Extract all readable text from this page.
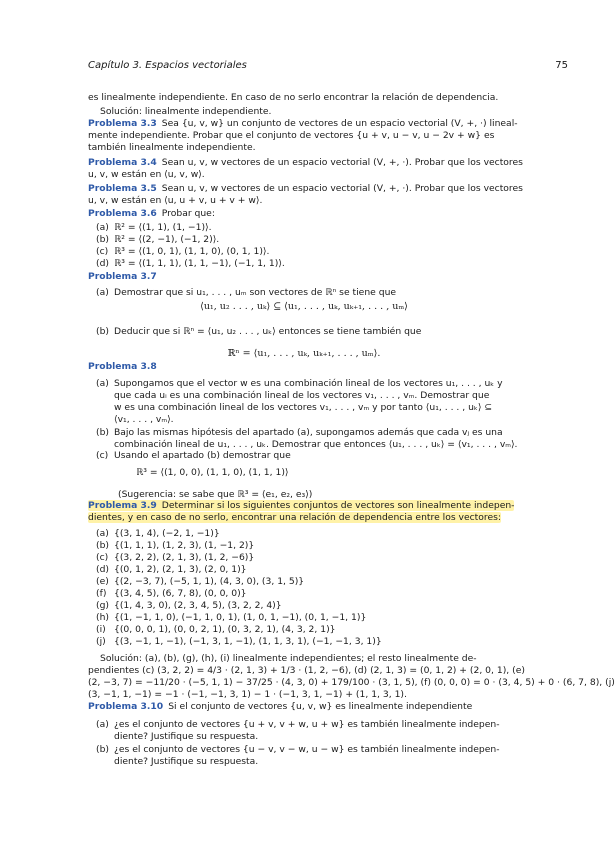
Capítulo 3. Espacios vectoriales	75
es linealmente independiente. En caso de no serlo encontrar la relación de dependencia.
Solución: linealmente independiente.
Problema 3.3 Sea {u, v, w} un conjunto de vectores de un espacio vectorial (V, +, ·) lineal-
mente independiente. Probar que el conjunto de vectores {u + v, u − v, u − 2v + w} es
también linealmente independiente.
Problema 3.4 Sean u, v, w vectores de un espacio vectorial (V, +, ·). Probar que los vectores
u, v, w están en ⟨u, v, w⟩.
Problema 3.5 Sean u, v, w vectores de un espacio vectorial (V, +, ·). Probar que los vectores
u, v, w están en ⟨u, u + v, u + v + w⟩.
Problema 3.6 Probar que:
(a) ℝ² = ⟨(1, 1), (1, −1)⟩.
(b) ℝ² = ⟨(2, −1), (−1, 2)⟩.
(c) ℝ³ = ⟨(1, 0, 1), (1, 1, 0), (0, 1, 1)⟩.
(d) ℝ³ = ⟨(1, 1, 1), (1, 1, −1), (−1, 1, 1)⟩.
Problema 3.7
(a) Demostrar que si u₁, . . . , uₘ son vectores de ℝⁿ se tiene que
⟨u₁, u₂ . . . , uₖ⟩ ⊆ ⟨u₁, . . . , uₖ, uₖ₊₁, . . . , uₘ⟩
(b) Deducir que si ℝⁿ = ⟨u₁, u₂ . . . , uₖ⟩ entonces se tiene también que
ℝⁿ = ⟨u₁, . . . , uₖ, uₖ₊₁, . . . , uₘ⟩.
Problema 3.8
(a) Supongamos que el vector w es una combinación lineal de los vectores u₁, . . . , uₖ y
que cada uᵢ es una combinación lineal de los vectores v₁, . . . , vₘ. Demostrar que
w es una combinación lineal de los vectores v₁, . . . , vₘ y por tanto ⟨u₁, . . . , uₖ⟩ ⊆
⟨v₁, . . . , vₘ⟩.
(b) Bajo las mismas hipótesis del apartado (a), supongamos además que cada vⱼ es una
combinación lineal de u₁, . . . , uₖ. Demostrar que entonces ⟨u₁, . . . , uₖ⟩ = ⟨v₁, . . . , vₘ⟩.
(c) Usando el apartado (b) demostrar que
ℝ³ = ⟨(1, 0, 0), (1, 1, 0), (1, 1, 1)⟩
(Sugerencia: se sabe que ℝ³ = ⟨e₁, e₂, e₃⟩)
Problema 3.9 Determinar si los siguientes conjuntos de vectores son linealmente indepen-
dientes, y en caso de no serlo, encontrar una relación de dependencia entre los vectores:
(a) {(3, 1, 4), (−2, 1, −1)}
(b) {(1, 1, 1), (1, 2, 3), (1, −1, 2)}
(c) {(3, 2, 2), (2, 1, 3), (1, 2, −6)}
(d) {(0, 1, 2), (2, 1, 3), (2, 0, 1)}
(e) {(2, −3, 7), (−5, 1, 1), (4, 3, 0), (3, 1, 5)}
(f) {(3, 4, 5), (6, 7, 8), (0, 0, 0)}
(g) {(1, 4, 3, 0), (2, 3, 4, 5), (3, 2, 2, 4)}
(h) {(1, −1, 1, 0), (−1, 1, 0, 1), (1, 0, 1, −1), (0, 1, −1, 1)}
(i) {(0, 0, 0, 1), (0, 0, 2, 1), (0, 3, 2, 1), (4, 3, 2, 1)}
(j) {(3, −1, 1, −1), (−1, 3, 1, −1), (1, 1, 3, 1), (−1, −1, 3, 1)}
Solución: (a), (b), (g), (h), (i) linealmente independientes; el resto linealmente de-
pendientes (c) (3, 2, 2) = 4/3 · (2, 1, 3) + 1/3 · (1, 2, −6), (d) (2, 1, 3) = (0, 1, 2) + (2, 0, 1), (e)
(2, −3, 7) = −11/20 · (−5, 1, 1) − 37/25 · (4, 3, 0) + 179/100 · (3, 1, 5), (f) (0, 0, 0) = 0 · (3, 4, 5) + 0 · (6, 7, 8), (j)
(3, −1, 1, −1) = −1 · (−1, −1, 3, 1) − 1 · (−1, 3, 1, −1) + (1, 1, 3, 1).
Problema 3.10 Si el conjunto de vectores {u, v, w} es linealmente independiente
(a) ¿es el conjunto de vectores {u + v, v + w, u + w} es también linealmente indepen-
diente? Justifique su respuesta.
(b) ¿es el conjunto de vectores {u − v, v − w, u − w} es también linealmente indepen-
diente? Justifique su respuesta.
